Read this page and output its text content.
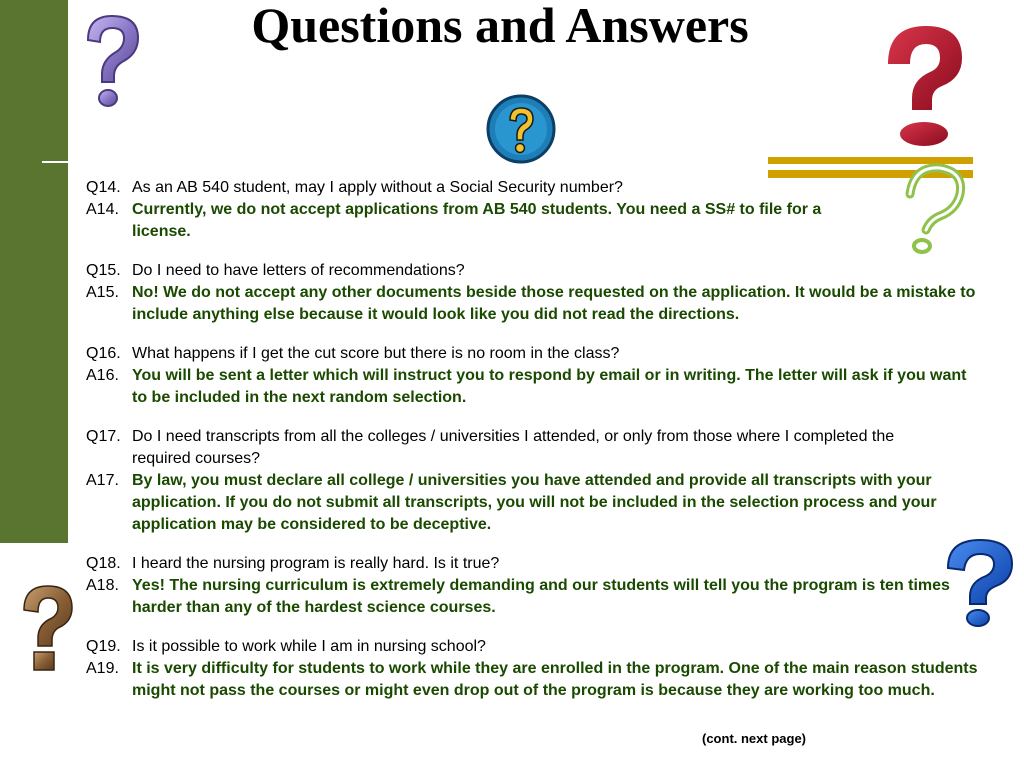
Questions and Answers
Q14. As an AB 540 student, may I apply without a Social Security number?
A14. Currently, we do not accept applications from AB 540 students. You need a SS# to file for a license.
Q15. Do I need to have letters of recommendations?
A15. No! We do not accept any other documents beside those requested on the application. It would be a mistake to include anything else because it would look like you did not read the directions.
Q16. What happens if I get the cut score but there is no room in the class?
A16. You will be sent a letter which will instruct you to respond by email or in writing. The letter will ask if you want to be included in the next random selection.
Q17. Do I need transcripts from all the colleges / universities I attended, or only from those where I completed the required courses?
A17. By law, you must declare all college / universities you have attended and provide all transcripts with your application. If you do not submit all transcripts, you will not be included in the selection process and your application may be considered to be deceptive.
Q18. I heard the nursing program is really hard. Is it true?
A18. Yes! The nursing curriculum is extremely demanding and our students will tell you the program is ten times harder than any of the hardest science courses.
Q19. Is it possible to work while I am in nursing school?
A19. It is very difficulty for students to work while they are enrolled in the program. One of the main reason students might not pass the courses or might even drop out of the program is because they are working too much.
(cont. next page)
